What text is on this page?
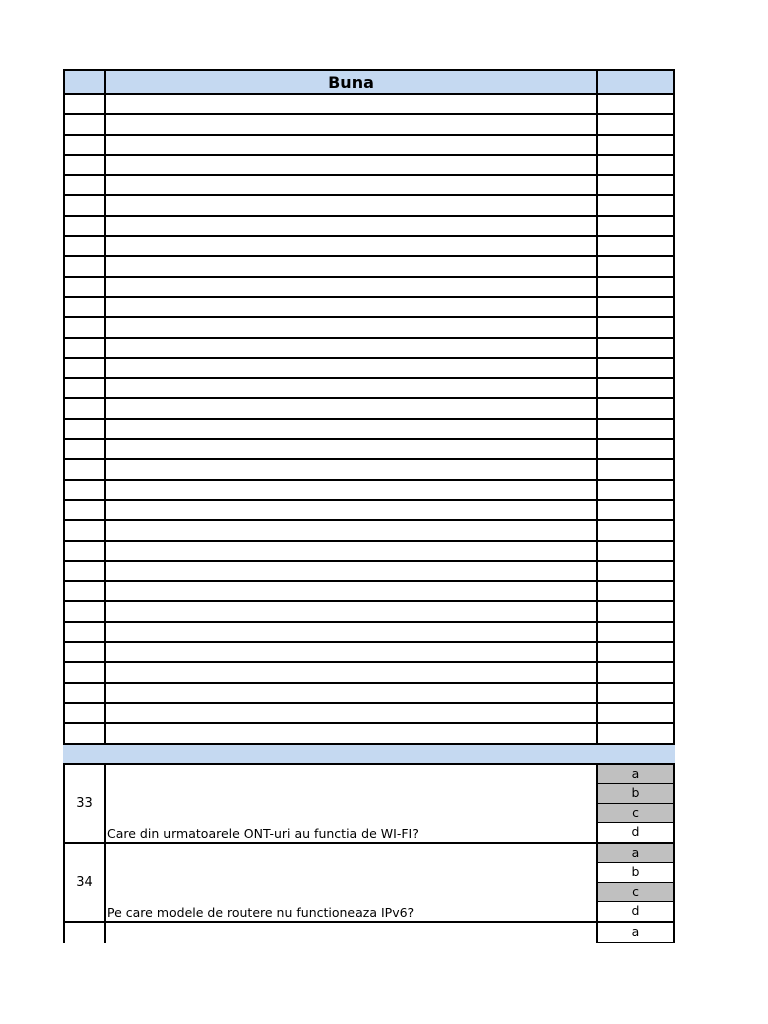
Buna
33
Care din urmatoarele ONT-uri au functia de WI-FI?
a
b
c
d
34
Pe care modele de routere nu functioneaza IPv6?
a
b
c
d
a
